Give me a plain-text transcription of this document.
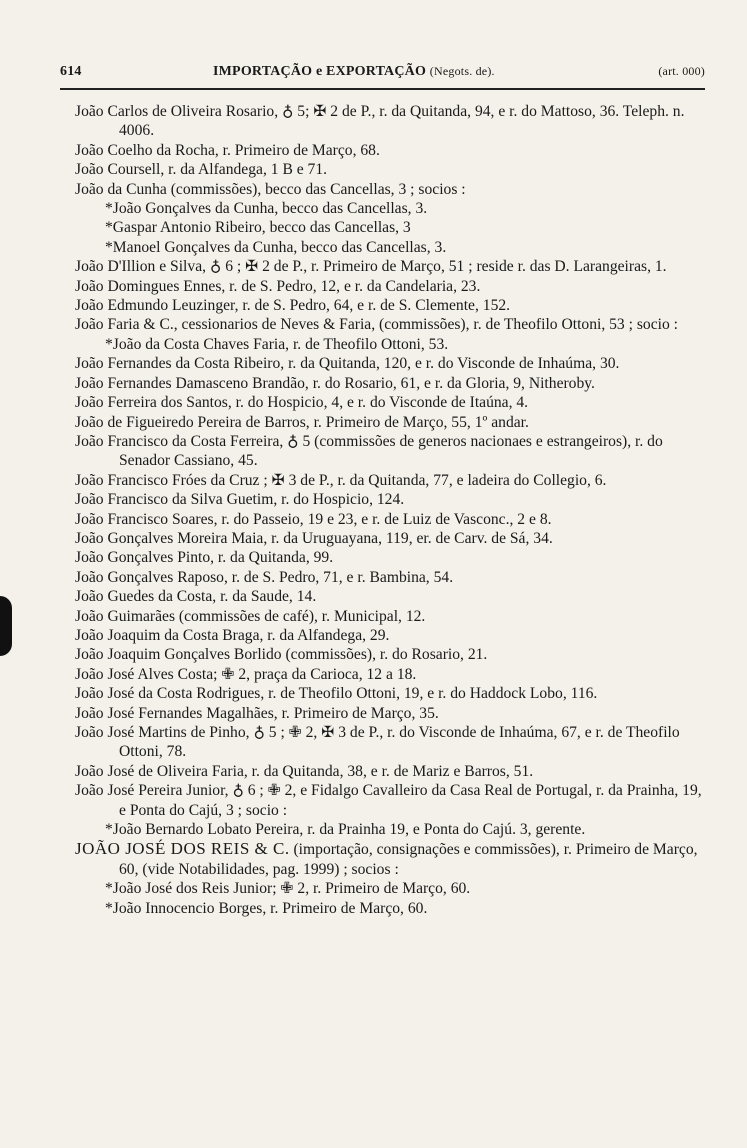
614	IMPORTAÇÃO e EXPORTAÇÃO (Negots. de).	(art. 000)

João Carlos de Oliveira Rosario, ♁ 5; ✠ 2 de P., r. da Quitanda, 94, e r. do Mattoso, 36. Teleph. n. 4006.

João Coelho da Rocha, r. Primeiro de Março, 68.

João Coursell, r. da Alfandega, 1 B e 71.

João da Cunha (commissões), becco das Cancellas, 3 ; socios :

*João Gonçalves da Cunha, becco das Cancellas, 3.

*Gaspar Antonio Ribeiro, becco das Cancellas, 3

*Manoel Gonçalves da Cunha, becco das Cancellas, 3.

João D'Illion e Silva, ♁ 6 ; ✠ 2 de P., r. Primeiro de Março, 51 ; reside r. das D. Larangeiras, 1.

João Domingues Ennes, r. de S. Pedro, 12, e r. da Candelaria, 23.

João Edmundo Leuzinger, r. de S. Pedro, 64, e r. de S. Clemente, 152.

João Faria & C., cessionarios de Neves & Faria, (commissões), r. de Theofilo Ottoni, 53 ; socio :

*João da Costa Chaves Faria, r. de Theofilo Ottoni, 53.

João Fernandes da Costa Ribeiro, r. da Quitanda, 120, e r. do Visconde de Inhaúma, 30.

João Fernandes Damasceno Brandão, r. do Rosario, 61, e r. da Gloria, 9, Nitheroby.

João Ferreira dos Santos, r. do Hospicio, 4, e r. do Visconde de Itaúna, 4.

João de Figueiredo Pereira de Barros, r. Primeiro de Março, 55, 1º andar.

João Francisco da Costa Ferreira, ♁ 5 (commissões de generos nacionaes e estrangeiros), r. do Senador Cassiano, 45.

João Francisco Fróes da Cruz ; ✠ 3 de P., r. da Quitanda, 77, e ladeira do Collegio, 6.

João Francisco da Silva Guetim, r. do Hospicio, 124.

João Francisco Soares, r. do Passeio, 19 e 23, e r. de Luiz de Vasconc., 2 e 8.

João Gonçalves Moreira Maia, r. da Uruguayana, 119, er. de Carv. de Sá, 34.

João Gonçalves Pinto, r. da Quitanda, 99.

João Gonçalves Raposo, r. de S. Pedro, 71, e r. Bambina, 54.

João Guedes da Costa, r. da Saude, 14.

João Guimarães (commissões de café), r. Municipal, 12.

João Joaquim da Costa Braga, r. da Alfandega, 29.

João Joaquim Gonçalves Borlido (commissões), r. do Rosario, 21.

João José Alves Costa; ✙ 2, praça da Carioca, 12 a 18.

João José da Costa Rodrigues, r. de Theofilo Ottoni, 19, e r. do Haddock Lobo, 116.

João José Fernandes Magalhães, r. Primeiro de Março, 35.

João José Martins de Pinho, ♁ 5 ; ✙ 2, ✠ 3 de P., r. do Visconde de Inhaúma, 67, e r. de Theofilo Ottoni, 78.

João José de Oliveira Faria, r. da Quitanda, 38, e r. de Mariz e Barros, 51.

João José Pereira Junior, ♁ 6 ; ✙ 2, e Fidalgo Cavalleiro da Casa Real de Portugal, r. da Prainha, 19, e Ponta do Cajú, 3 ; socio :

*João Bernardo Lobato Pereira, r. da Prainha 19, e Ponta do Cajú. 3, gerente.

JOÃO JOSÉ DOS REIS & C. (importação, consignações e commissões), r. Primeiro de Março, 60, (vide Notabilidades, pag. 1999) ; socios :

*João José dos Reis Junior; ✙ 2, r. Primeiro de Março, 60.

*João Innocencio Borges, r. Primeiro de Março, 60.
